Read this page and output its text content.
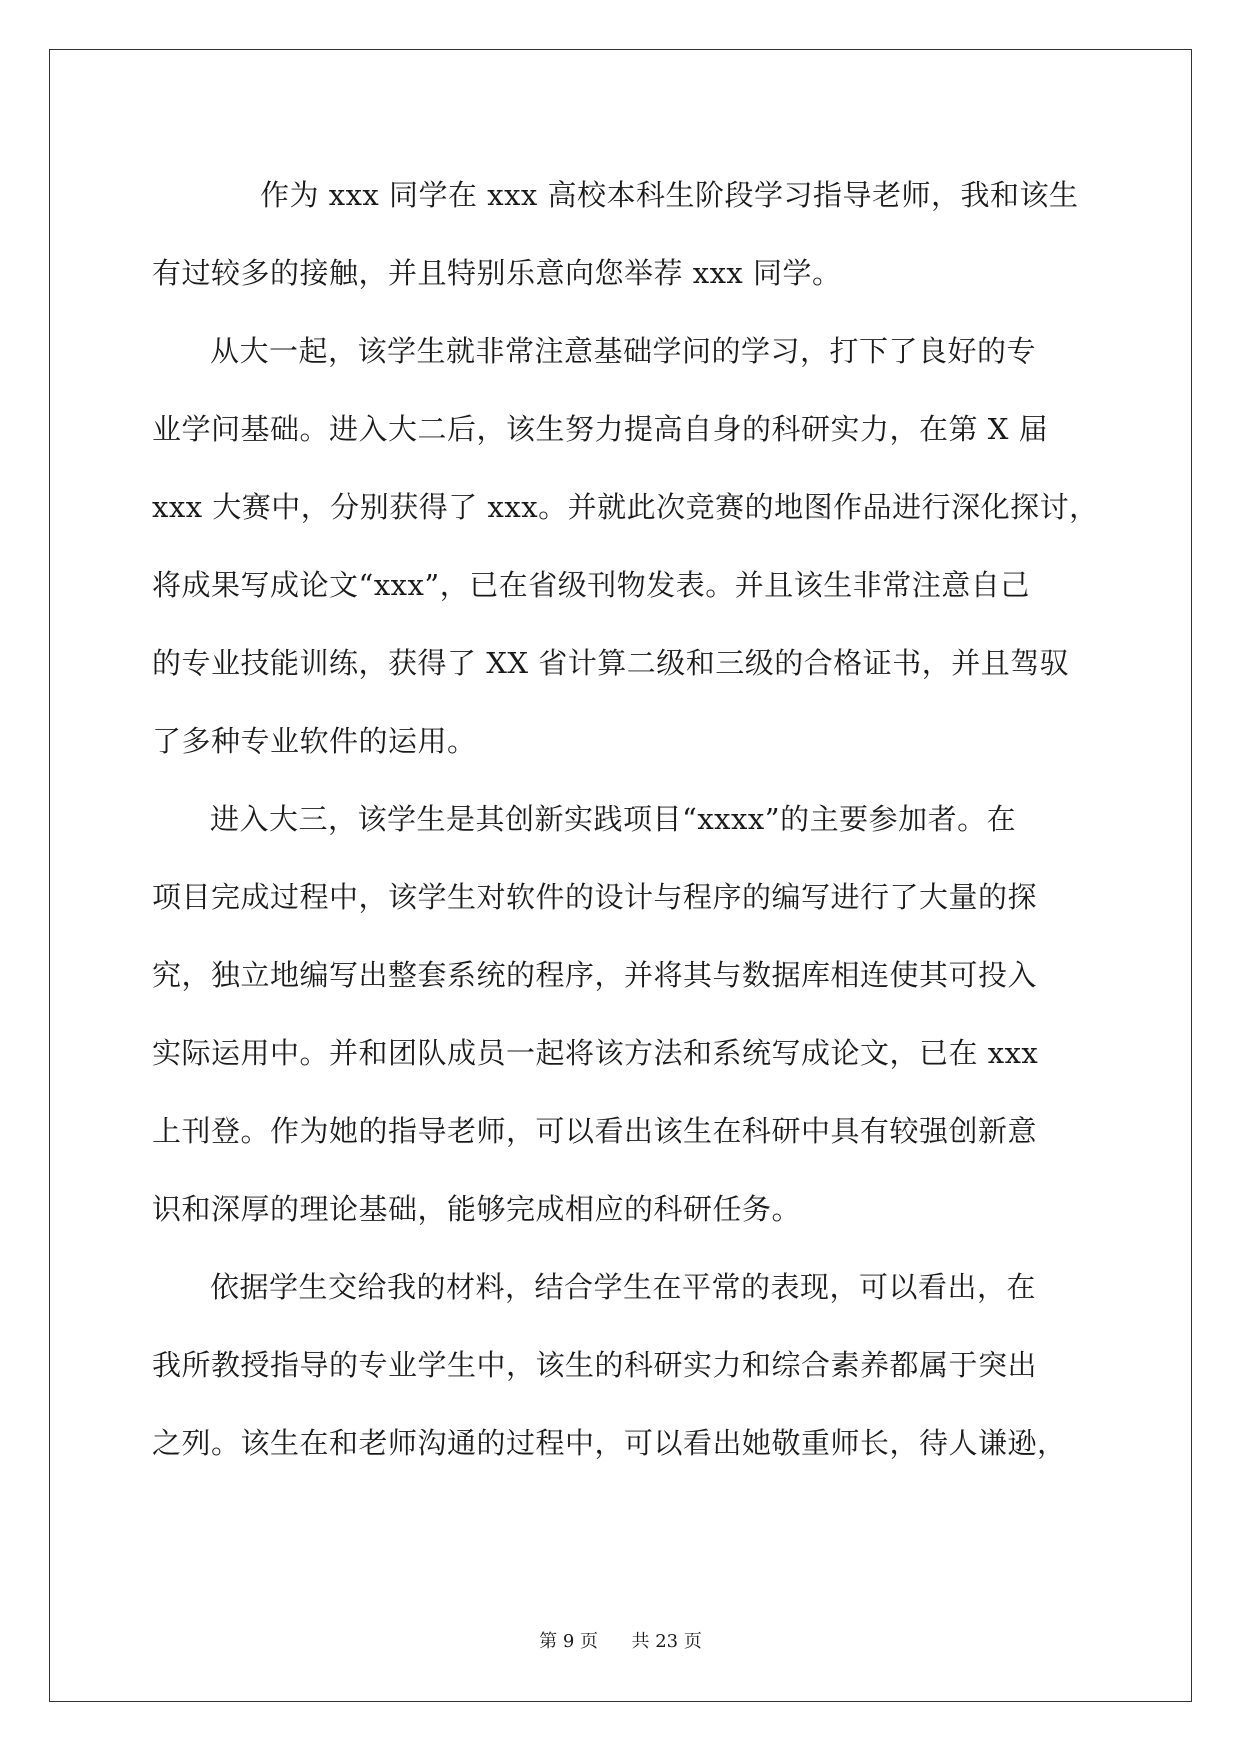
作为 xxx 同学在 xxx 高校本科生阶段学习指导老师，我和该生
有过较多的接触，并且特别乐意向您举荐 xxx 同学。
从大一起，该学生就非常注意基础学问的学习，打下了良好的专
业学问基础。进入大二后，该生努力提高自身的科研实力，在第 X 届
xxx 大赛中，分别获得了 xxx。并就此次竞赛的地图作品进行深化探讨，
将成果写成论文“xxx”，已在省级刊物发表。并且该生非常注意自己
的专业技能训练，获得了 XX 省计算二级和三级的合格证书，并且驾驭
了多种专业软件的运用。
进入大三，该学生是其创新实践项目“xxxx”的主要参加者。在
项目完成过程中，该学生对软件的设计与程序的编写进行了大量的探
究，独立地编写出整套系统的程序，并将其与数据库相连使其可投入
实际运用中。并和团队成员一起将该方法和系统写成论文，已在 xxx
上刊登。作为她的指导老师，可以看出该生在科研中具有较强创新意
识和深厚的理论基础，能够完成相应的科研任务。
依据学生交给我的材料，结合学生在平常的表现，可以看出，在
我所教授指导的专业学生中，该生的科研实力和综合素养都属于突出
之列。该生在和老师沟通的过程中，可以看出她敬重师长，待人谦逊，
第 9 页 共 23 页
